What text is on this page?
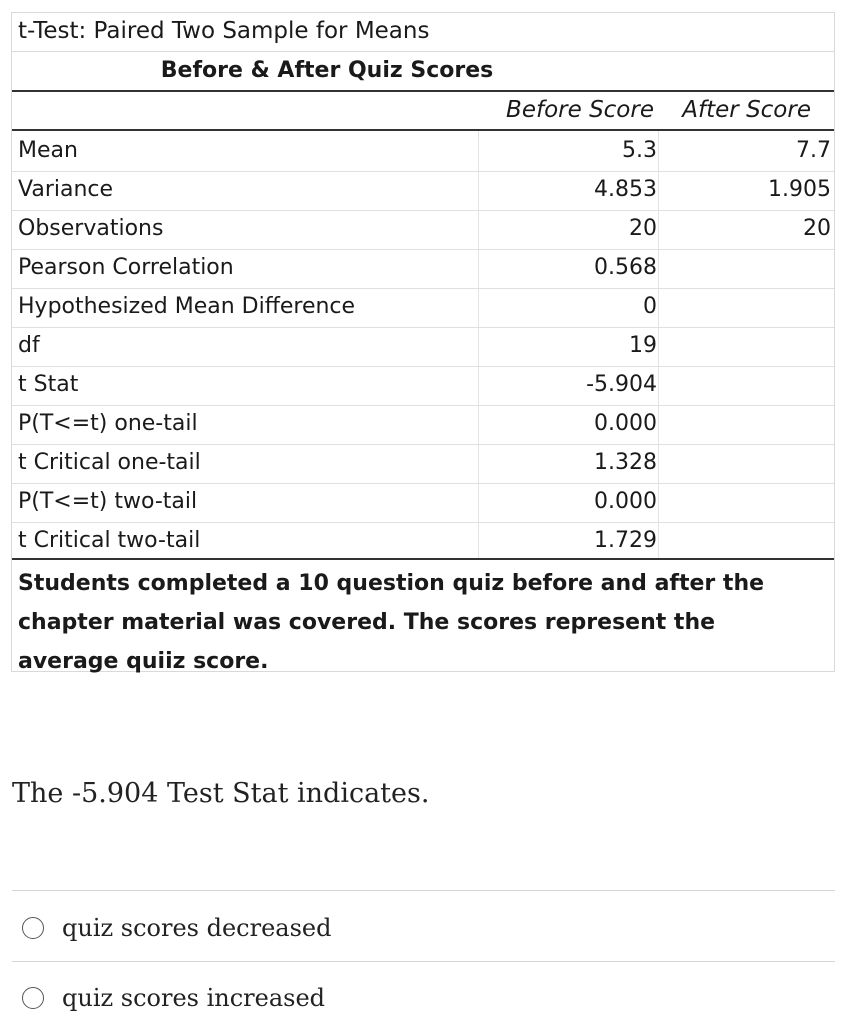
t-Test: Paired Two Sample for Means
Before & After Quiz Scores
Before Score After Score
Mean	5.3	7.7
Variance	4.853	1.905
Observations	20	20
Pearson Correlation	0.568
Hypothesized Mean Difference	0
df	19
t Stat	-5.904
P(T<=t) one-tail	0.000
t Critical one-tail	1.328
P(T<=t) two-tail	0.000
t Critical two-tail	1.729
Students completed a 10 question quiz before and after the chapter material was covered. The scores represent the average quiiz score.
The -5.904 Test Stat indicates.
quiz scores decreased
quiz scores increased
